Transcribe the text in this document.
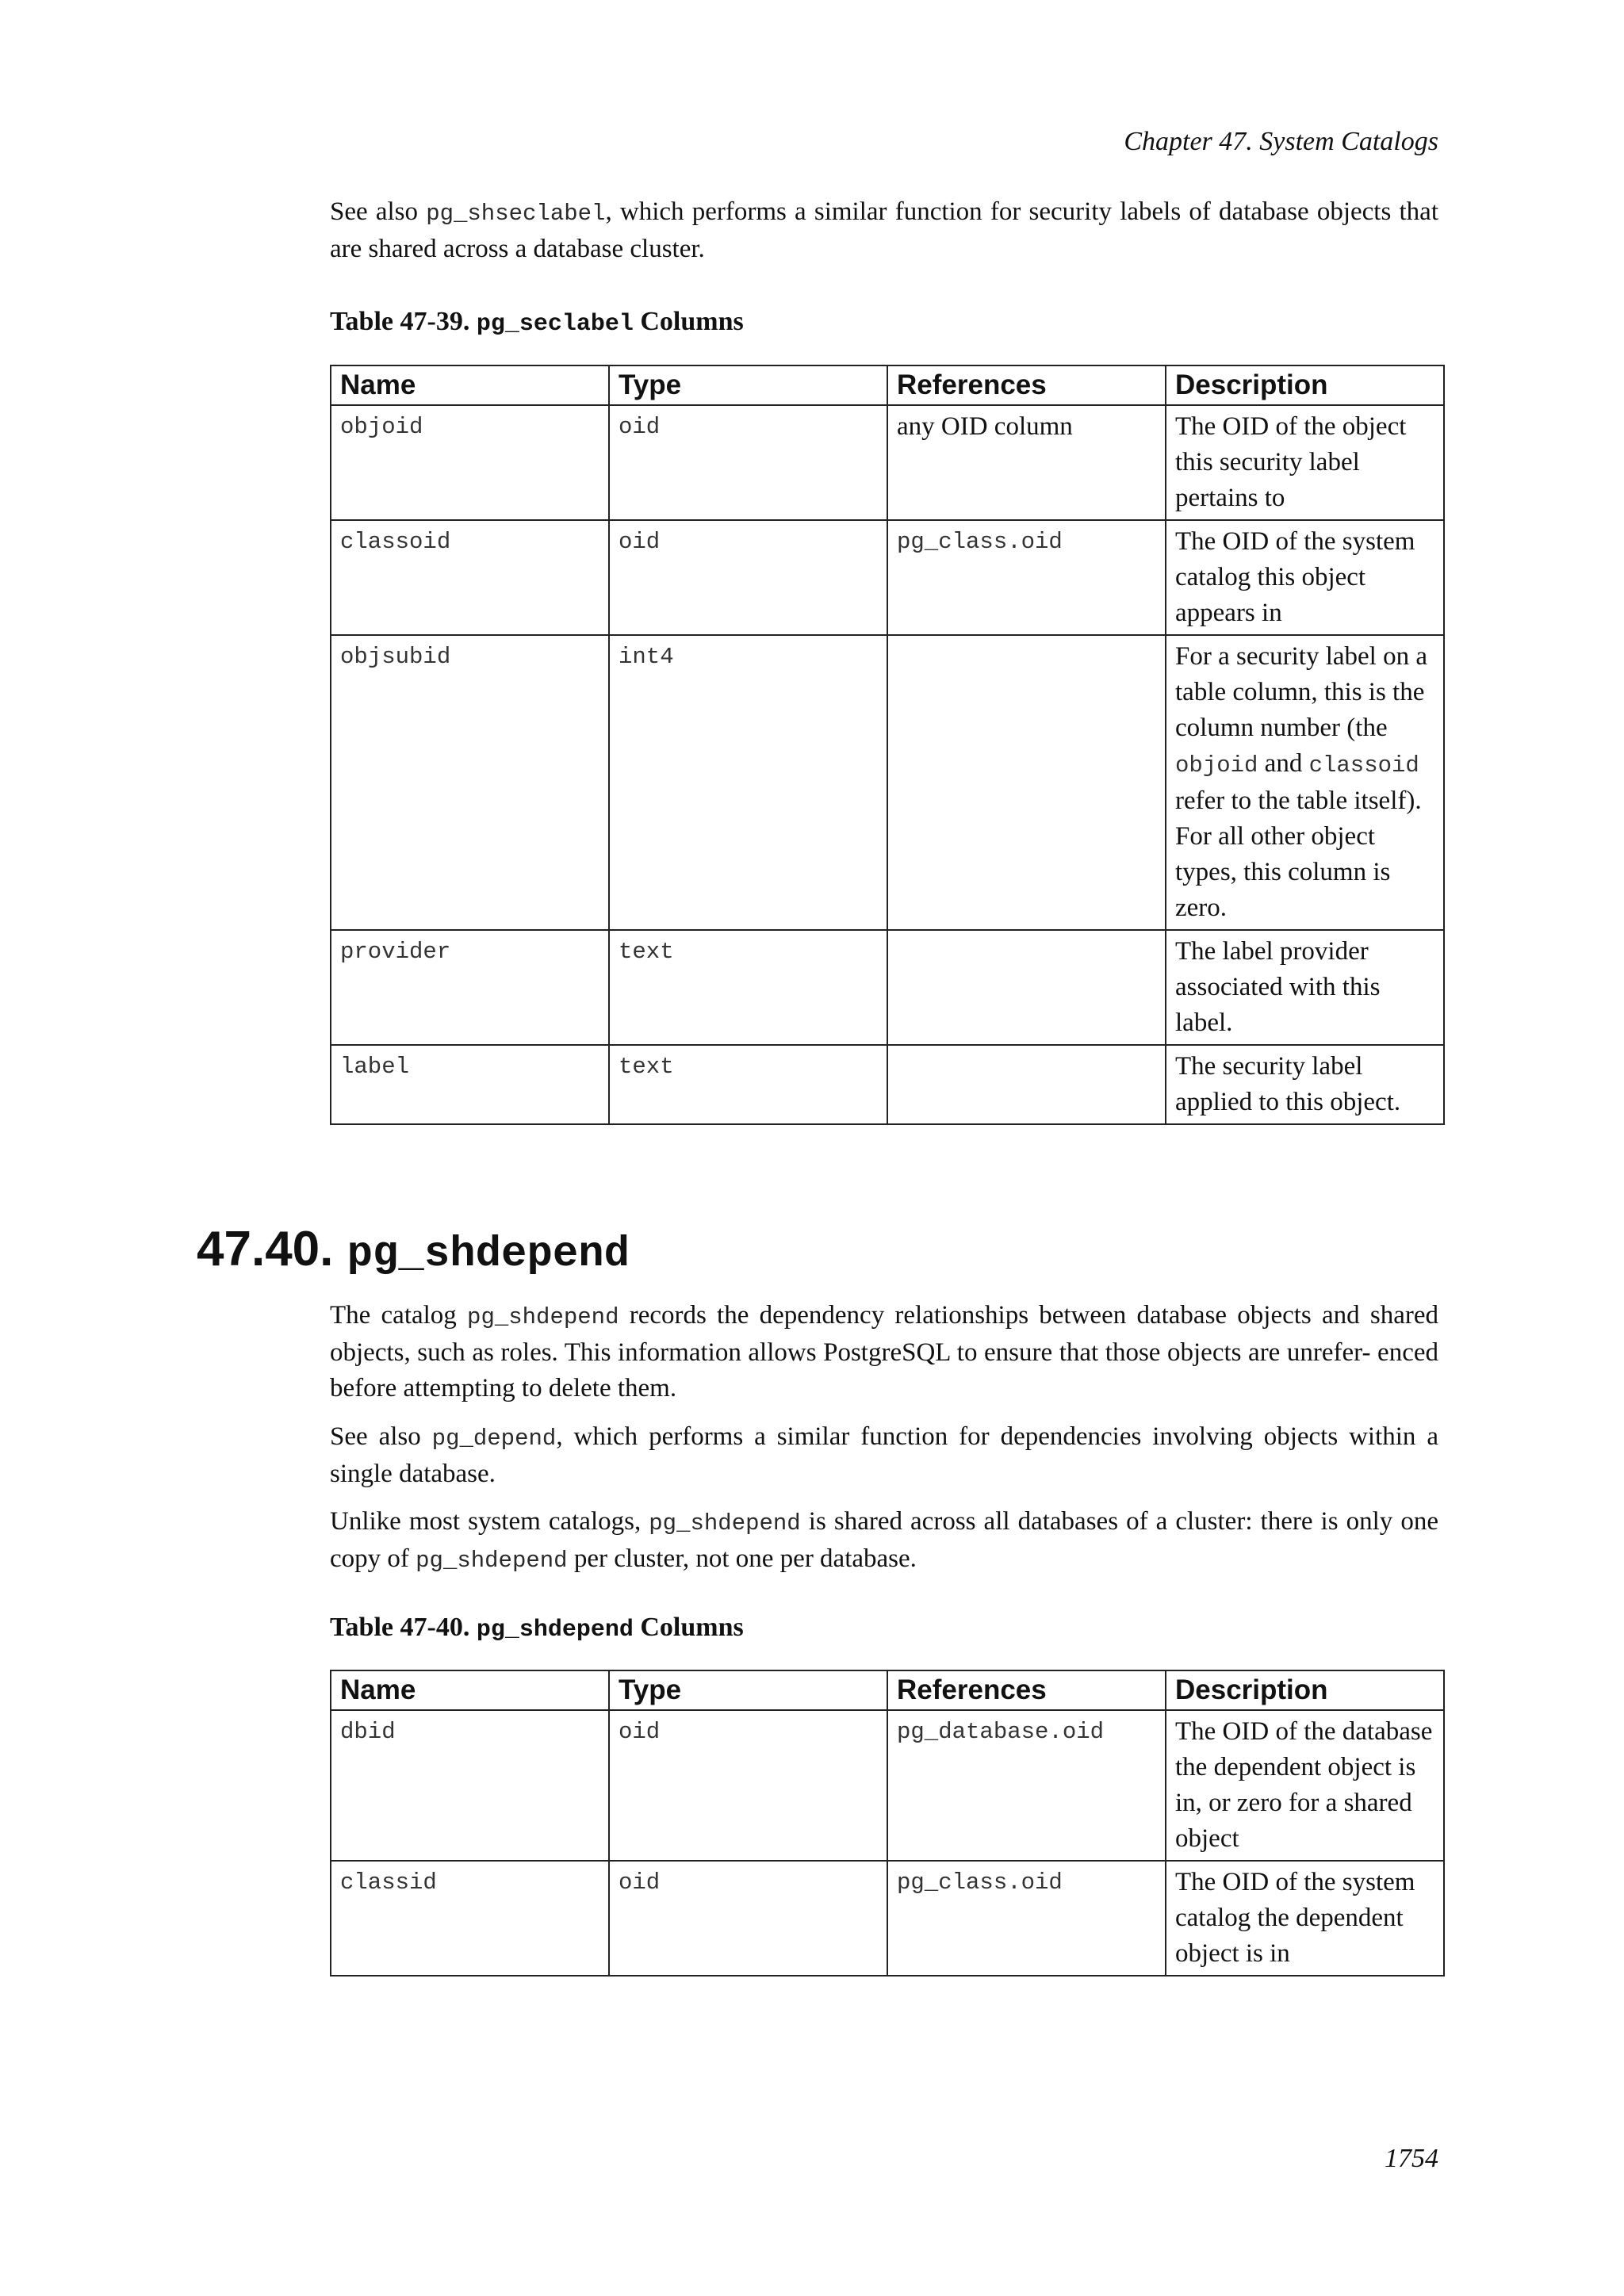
Chapter 47. System Catalogs

See also pg_shseclabel, which performs a similar function for security labels of database objects that are shared across a database cluster.

Table 47-39. pg_seclabel Columns
Name	Type	References	Description
objoid	oid	any OID column	The OID of the object this security label pertains to
classoid	oid	pg_class.oid	The OID of the system catalog this object appears in
objsubid	int4		For a security label on a table column, this is the column number (the objoid and classoid refer to the table itself). For all other object types, this column is zero.
provider	text		The label provider associated with this label.
label	text		The security label applied to this object.
47.40. pg_shdepend

The catalog pg_shdepend records the dependency relationships between database objects and shared objects, such as roles. This information allows PostgreSQL to ensure that those objects are unrefer- enced before attempting to delete them.

See also pg_depend, which performs a similar function for dependencies involving objects within a single database.

Unlike most system catalogs, pg_shdepend is shared across all databases of a cluster: there is only one copy of pg_shdepend per cluster, not one per database.

Table 47-40. pg_shdepend Columns
Name	Type	References	Description
dbid	oid	pg_database.oid	The OID of the database the dependent object is in, or zero for a shared object
classid	oid	pg_class.oid	The OID of the system catalog the dependent object is in
1754
